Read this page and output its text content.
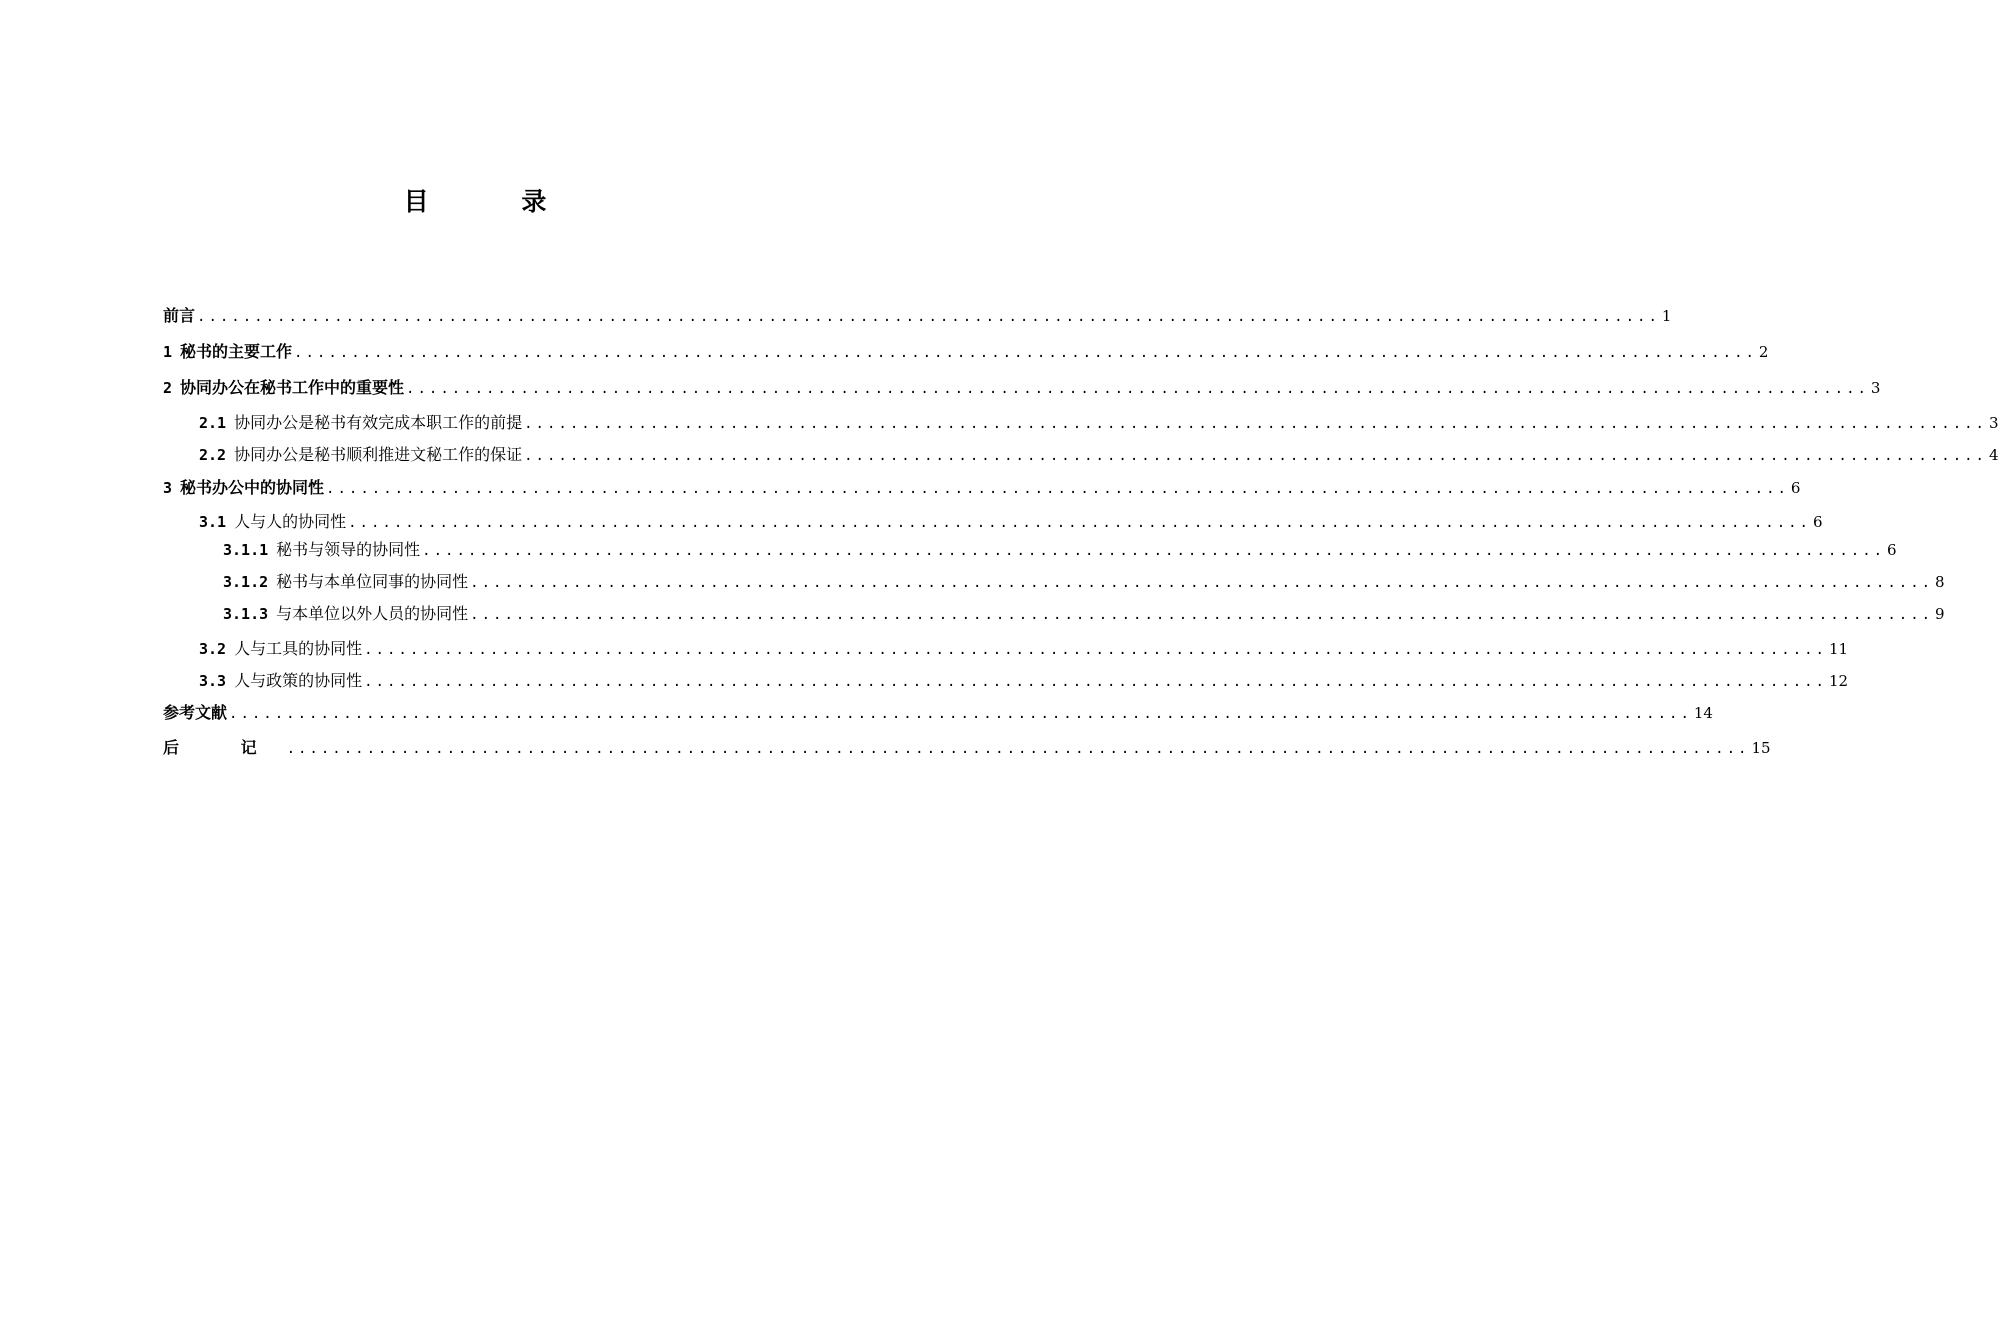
目 录
前言 ................................................................................................................................ 1
1 秘书的主要工作 ................................................................................................................................ 2
2 协同办公在秘书工作中的重要性 ................................................................................................................................ 3
2.1 协同办公是秘书有效完成本职工作的前提 ................................................................................................................................ 3
2.2 协同办公是秘书顺利推进文秘工作的保证 ................................................................................................................................ 4
3 秘书办公中的协同性 ................................................................................................................................ 6
3.1 人与人的协同性 ................................................................................................................................ 6
3.1.1 秘书与领导的协同性 ................................................................................................................................ 6
3.1.2 秘书与本单位同事的协同性 ................................................................................................................................ 8
3.1.3 与本单位以外人员的协同性 ................................................................................................................................ 9
3.2 人与工具的协同性 ................................................................................................................................ 11
3.3 人与政策的协同性 ................................................................................................................................ 12
参考文献 ................................................................................................................................ 14
后 记 ................................................................................................................................ 15
